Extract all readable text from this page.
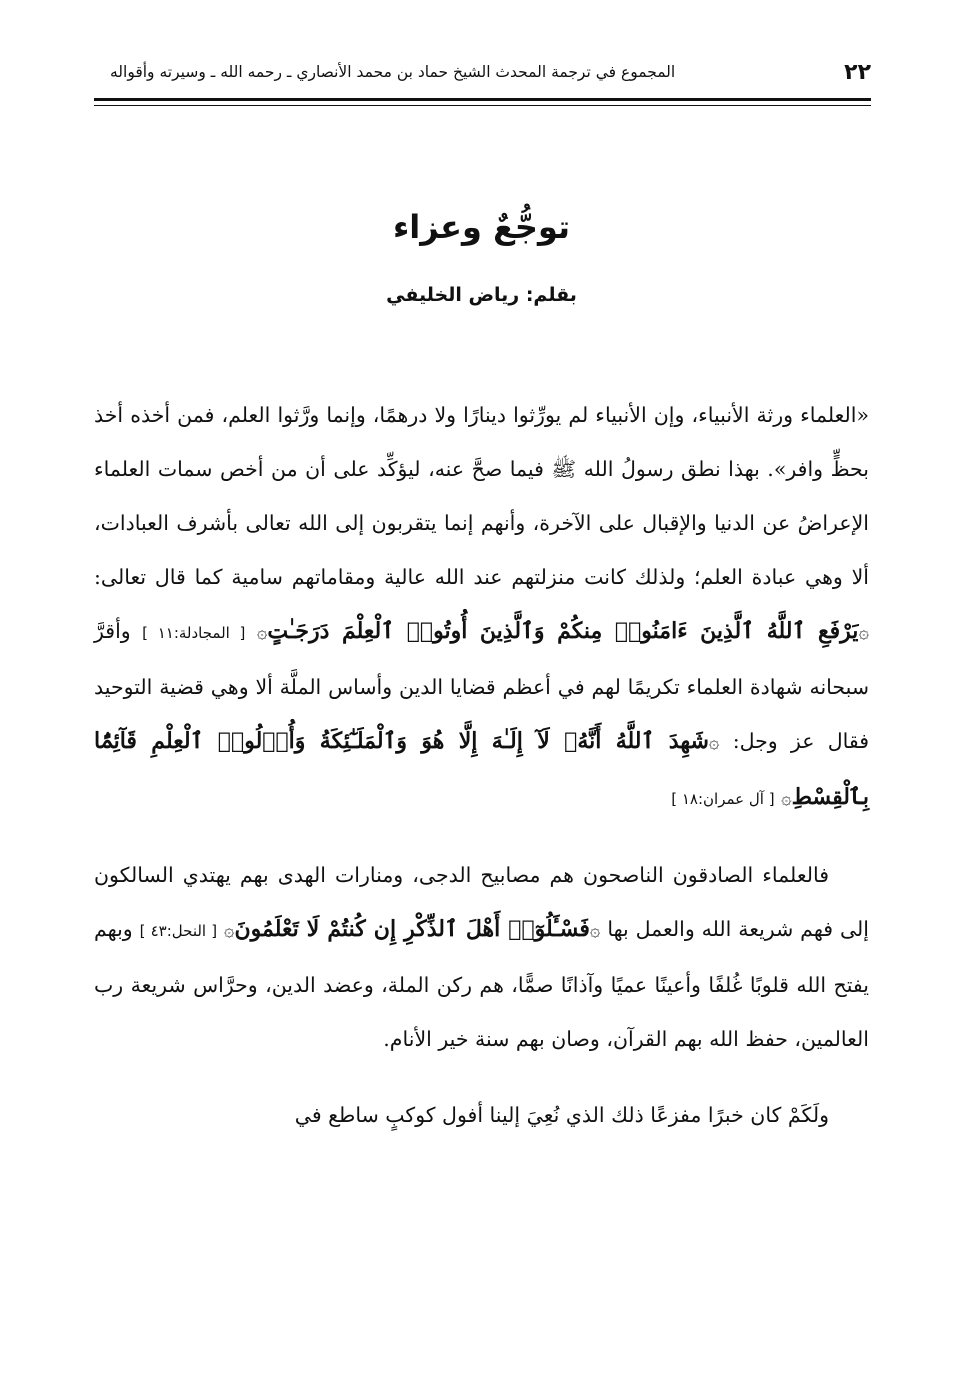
٢٢
المجموع في ترجمة المحدث الشيخ حماد بن محمد الأنصاري ـ رحمه الله ـ وسيرته وأقواله
توجُّعٌ وعزاء
بقلم: رياض الخليفي

«العلماء ورثة الأنبياء، وإن الأنبياء لم يورِّثوا دينارًا ولا درهمًا، وإنما ورَّثوا العلم، فمن أخذه أخذ بحظٍّ وافر». بهذا نطق رسولُ الله ﷺ فيما صحَّ عنه، ليؤكِّد على أن من أخص سمات العلماء الإعراضُ عن الدنيا والإقبال على الآخرة، وأنهم إنما يتقربون إلى الله تعالى بأشرف العبادات، ألا وهي عبادة العلم؛ ولذلك كانت منزلتهم عند الله عالية ومقاماتهم سامية كما قال تعالى: ۞يَرْفَعِ ٱللَّهُ ٱلَّذِينَ ءَامَنُوا۟ مِنكُمْ وَٱلَّذِينَ أُوتُوا۟ ٱلْعِلْمَ دَرَجَـٰتٍ۞ [ المجادلة:١١ ] وأقرَّ سبحانه شهادة العلماء تكريمًا لهم في أعظم قضايا الدين وأساس الملَّة ألا وهي قضية التوحيد فقال عز وجل: ۞شَهِدَ ٱللَّهُ أَنَّهُۥ لَآ إِلَـٰهَ إِلَّا هُوَ وَٱلْمَلَـٰٓئِكَةُ وَأُو۟لُوا۟ ٱلْعِلْمِ قَآئِمًۢا بِٱلْقِسْطِ۞ [ آل عمران:١٨ ]

فالعلماء الصادقون الناصحون هم مصابيح الدجى، ومنارات الهدى بهم يهتدي السالكون إلى فهم شريعة الله والعمل بها ۞فَسْـَٔلُوٓا۟ أَهْلَ ٱلذِّكْرِ إِن كُنتُمْ لَا تَعْلَمُونَ۞ [ النحل:٤٣ ] وبهم يفتح الله قلوبًا غُلفًا وأعينًا عميًا وآذانًا صمًّا، هم ركن الملة، وعضد الدين، وحرَّاس شريعة رب العالمين، حفظ الله بهم القرآن، وصان بهم سنة خير الأنام.

ولَكَمْ كان خبرًا مفزعًا ذلك الذي نُعِيَ إلينا أفول كوكبٍ ساطع في
